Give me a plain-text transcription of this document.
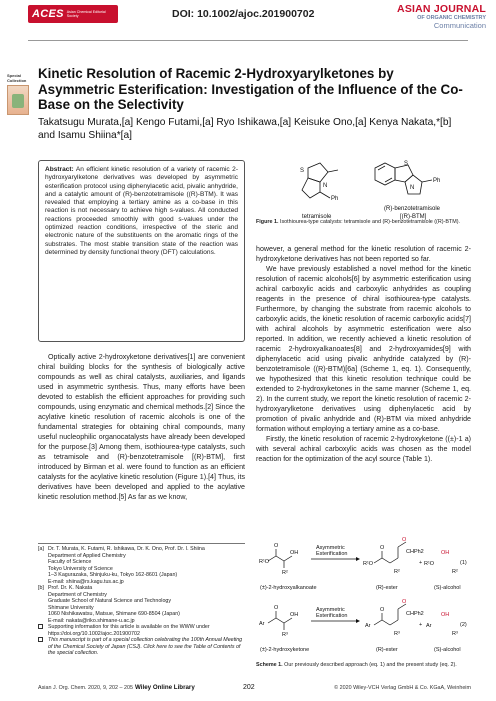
ACES Asian Chemical Editorial Society	DOI: 10.1002/ajoc.201900702	ASIAN JOURNAL
OF ORGANIC CHEMISTRY
Communication
Special Collection Kinetic Resolution of Racemic 2-Hydroxyarylketones by Asymmetric Esterification: Investigation of the Influence of the Co-Base on the Selectivity
Takatsugu Murata,[a] Kengo Futami,[a] Ryo Ishikawa,[a] Keisuke Ono,[a] Kenya Nakata,*[b] and Isamu Shiina*[a]
Abstract: An efficient kinetic resolution of a variety of racemic 2-hydroxyarylketone derivatives was developed by asymmetric esterification protocol using diphenylacetic acid, pivalic anhydride, and a catalytic amount of (R)-benzotetramisole ((R)-BTM). It was revealed that employing a tertiary amine as a co-base in this reaction is not necessary to achieve high s-values. All conducted reactions proceeded smoothly with good s-values under the optimized reaction conditions, irrespective of the steric and electronic nature of the substituents on the aromatic rings of the substrates. The most stable transition state of the reaction was determined by density functional theory (DFT) calculations.
S
N
Ph
tetramisole
S
N
Ph
(R)-benzotetramisole
[(R)-BTM]
Figure 1. Isothiourea-type catalysts: tetramisole and (R)-benzotetramisole ((R)-BTM).

Optically active 2-hydroxyketone derivatives[1] are convenient chiral building blocks for the synthesis of biologically active compounds as well as chiral catalysts, auxiliaries, and ligands used in asymmetric synthesis. Thus, many efforts have been devoted to establish the efficient approaches for providing such compounds, using enzymatic and chemical methods.[2] Since the acylative kinetic resolution of racemic alcohols is one of the fundamental strategies for obtaining chiral compounds, many useful nucleophilic organocatalysts have already been developed for the purpose.[3] Among them, isothiourea-type catalysts, such as tetramisole and (R)-benzotetramisole [(R)-BTM], first introduced by Birman et al. were found to function as an efficient catalysts for the acylative kinetic resolution (Figure 1).[4] Thus, its derivatives have been developed and applied to the acylative kinetic resolution method.[5] As far as we know,

however, a general method for the kinetic resolution of racemic 2-hydroxyketone derivatives has not been reported so far.

We have previously established a novel method for the kinetic resolution of racemic alcohols[6] by asymmetric esterification using achiral carboxylic acids and carboxylic anhydrides as coupling reagents in the presence of chiral isothiourea-type catalysts. Furthermore, by changing the substrate from racemic alcohols to carboxylic acids, the kinetic resolution of racemic carboxylic acids[7] with achiral alcohols by asymmetric esterification were also reported. In addition, we recently achieved a kinetic resolution of racemic 2-hydroxyalkanoates[8] and 2-hydroxyamides[9] with diphenylacetic acid using pivalic anhydride catalyzed by (R)-benzotetramisole ((R)-BTM)[6a] (Scheme 1, eq. 1). Consequently, we hypothesized that this kinetic resolution technique could be extended to 2-hydroxyketones in the same manner (Scheme 1, eq. 2). In the current study, we report the kinetic resolution of racemic 2-hydroxyarylketone derivatives using diphenylacetic acid by promotion of pivalic anhydride and (R)-BTM via mixed anhydride formation without employing a tertiary amine as a co-base.

Firstly, the kinetic resolution of racemic 2-hydroxyketone ((±)-1 a) with several achiral carboxylic acids was chosen as the model reaction for the optimization of the acyl source (Table 1).

[a] Dr. T. Murata, K. Futami, R. Ishikawa, Dr. K. Ono, Prof. Dr. I. Shiina
Department of Applied Chemistry
Faculty of Science
Tokyo University of Science
1–3 Kagurazaka, Shinjuku-ku, Tokyo 162-8601 (Japan)
E-mail: shiina@rs.kagu.tus.ac.jp
[b] Prof. Dr. K. Nakata
Department of Chemistry
Graduate School of Natural Science and Technology
Shimane University
1060 Nishikawatsu, Matsue, Shimane 690-8504 (Japan)
E-mail: nakata@riko.shimane-u.ac.jp
Supporting information for this article is available on the WWW under https://doi.org/10.1002/ajoc.201900702
This manuscript is part of a special collection celebrating the 100th Annual Meeting of the Chemical Society of Japan (CSJ). Click here to see the Table of Contents of the special collection.
R¹O
O
R²
OH
(±)-2-hydroxyalkanoate
Asymmetric
Esterification
R¹O
O
O
CHPh2
R²
(R)-ester
+ R¹O
OH
R²
(S)-alcohol
(1)
Ar
O
R³
OH
(±)-2-hydroxyketone
Asymmetric
Esterification
Ar
O
O
CHPh2
R³
(R)-ester
+ Ar
OH
R³
(S)-alcohol
(2)
Scheme 1. Our previously described approach (eq. 1) and the present study (eq. 2).
Asian J. Org. Chem. 2020, 9, 202 – 205 Wiley Online Library	202	© 2020 Wiley-VCH Verlag GmbH & Co. KGaA, Weinheim
